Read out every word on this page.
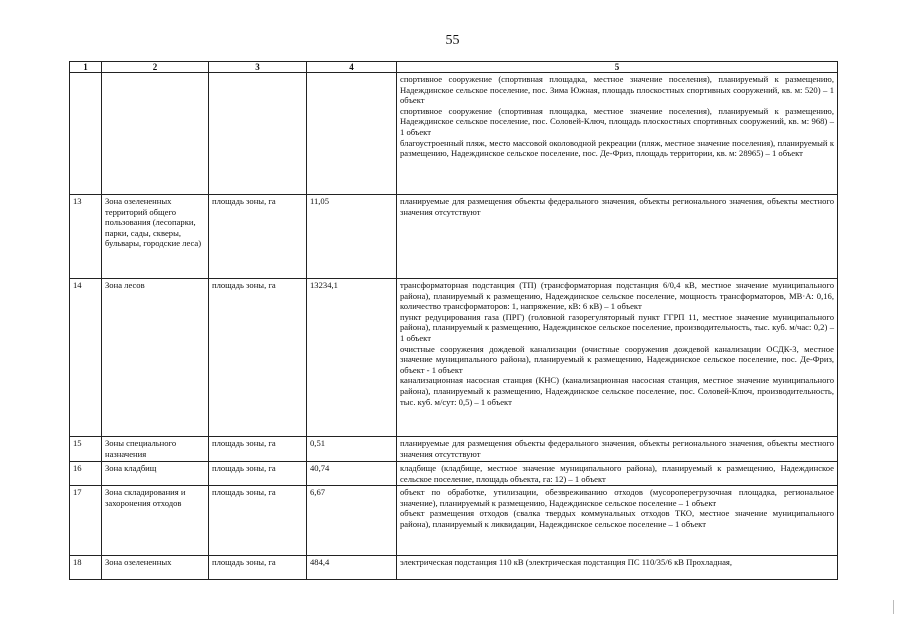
55
1	2	3	4	5

				спортивное сооружение (спортивная площадка, местное значение поселения), планируемый к размещению, Надеждинское сельское поселение, пос. Зима Южная, площадь плоскостных спортивных сооружений, кв. м: 520) – 1 объект

спортивное сооружение (спортивная площадка, местное значение поселения), планируемый к размещению, Надеждинское сельское поселение, пос. Соловей-Ключ, площадь плоскостных спортивных сооружений, кв. м: 968) – 1 объект

благоустроенный пляж, место массовой околоводной рекреации (пляж, местное значение поселения), планируемый к размещению, Надеждинское сельское поселение, пос. Де-Фриз, площадь территории, кв. м: 28965) – 1 объект

13	Зона озелененных территорий общего пользования (лесопарки, парки, сады, скверы, бульвары, городские леса)	площадь зоны, га	11,05	планируемые для размещения объекты федерального значения, объекты регионального значения, объекты местного значения отсутствуют

14	Зона лесов	площадь зоны, га	13234,1	трансформаторная подстанция (ТП) (трансформаторная подстанция 6/0,4 кВ, местное значение муниципального района), планируемый к размещению, Надеждинское сельское поселение, мощность трансформаторов, МВ·А: 0,16, количество трансформаторов: 1, напряжение, кВ: 6 кВ) – 1 объект

пункт редуцирования газа (ПРГ) (головной газорегуляторный пункт ГГРП 11, местное значение муниципального района), планируемый к размещению, Надеждинское сельское поселение, производительность, тыс. куб. м/час: 0,2) – 1 объект

очистные сооружения дождевой канализации (очистные сооружения дождевой канализации ОСДК-3, местное значение муниципального района), планируемый к размещению, Надеждинское сельское поселение, пос. Де-Фриз, объект - 1 объект

канализационная насосная станция (КНС) (канализационная насосная станция, местное значение муниципального района), планируемый к размещению, Надеждинское сельское поселение, пос. Соловей-Ключ, производительность, тыс. куб. м/сут: 0,5) – 1 объект

15	Зоны специального назначения	площадь зоны, га	0,51	планируемые для размещения объекты федерального значения, объекты регионального значения, объекты местного значения отсутствуют

16	Зона кладбищ	площадь зоны, га	40,74	кладбище (кладбище, местное значение муниципального района), планируемый к размещению, Надеждинское сельское поселение, площадь объекта, га: 12) – 1 объект

17	Зона складирования и захоронения отходов	площадь зоны, га	6,67	объект по обработке, утилизации, обезвреживанию отходов (мусороперегрузочная площадка, региональное значение), планируемый к размещению, Надеждинское сельское поселение – 1 объект

объект размещения отходов (свалка твердых коммунальных отходов ТКО, местное значение муниципального района), планируемый к ликвидации, Надеждинское сельское поселение – 1 объект

18	Зона озелененных	площадь зоны, га	484,4	электрическая подстанция 110 кВ (электрическая подстанция ПС 110/35/6 кВ Прохладная,
